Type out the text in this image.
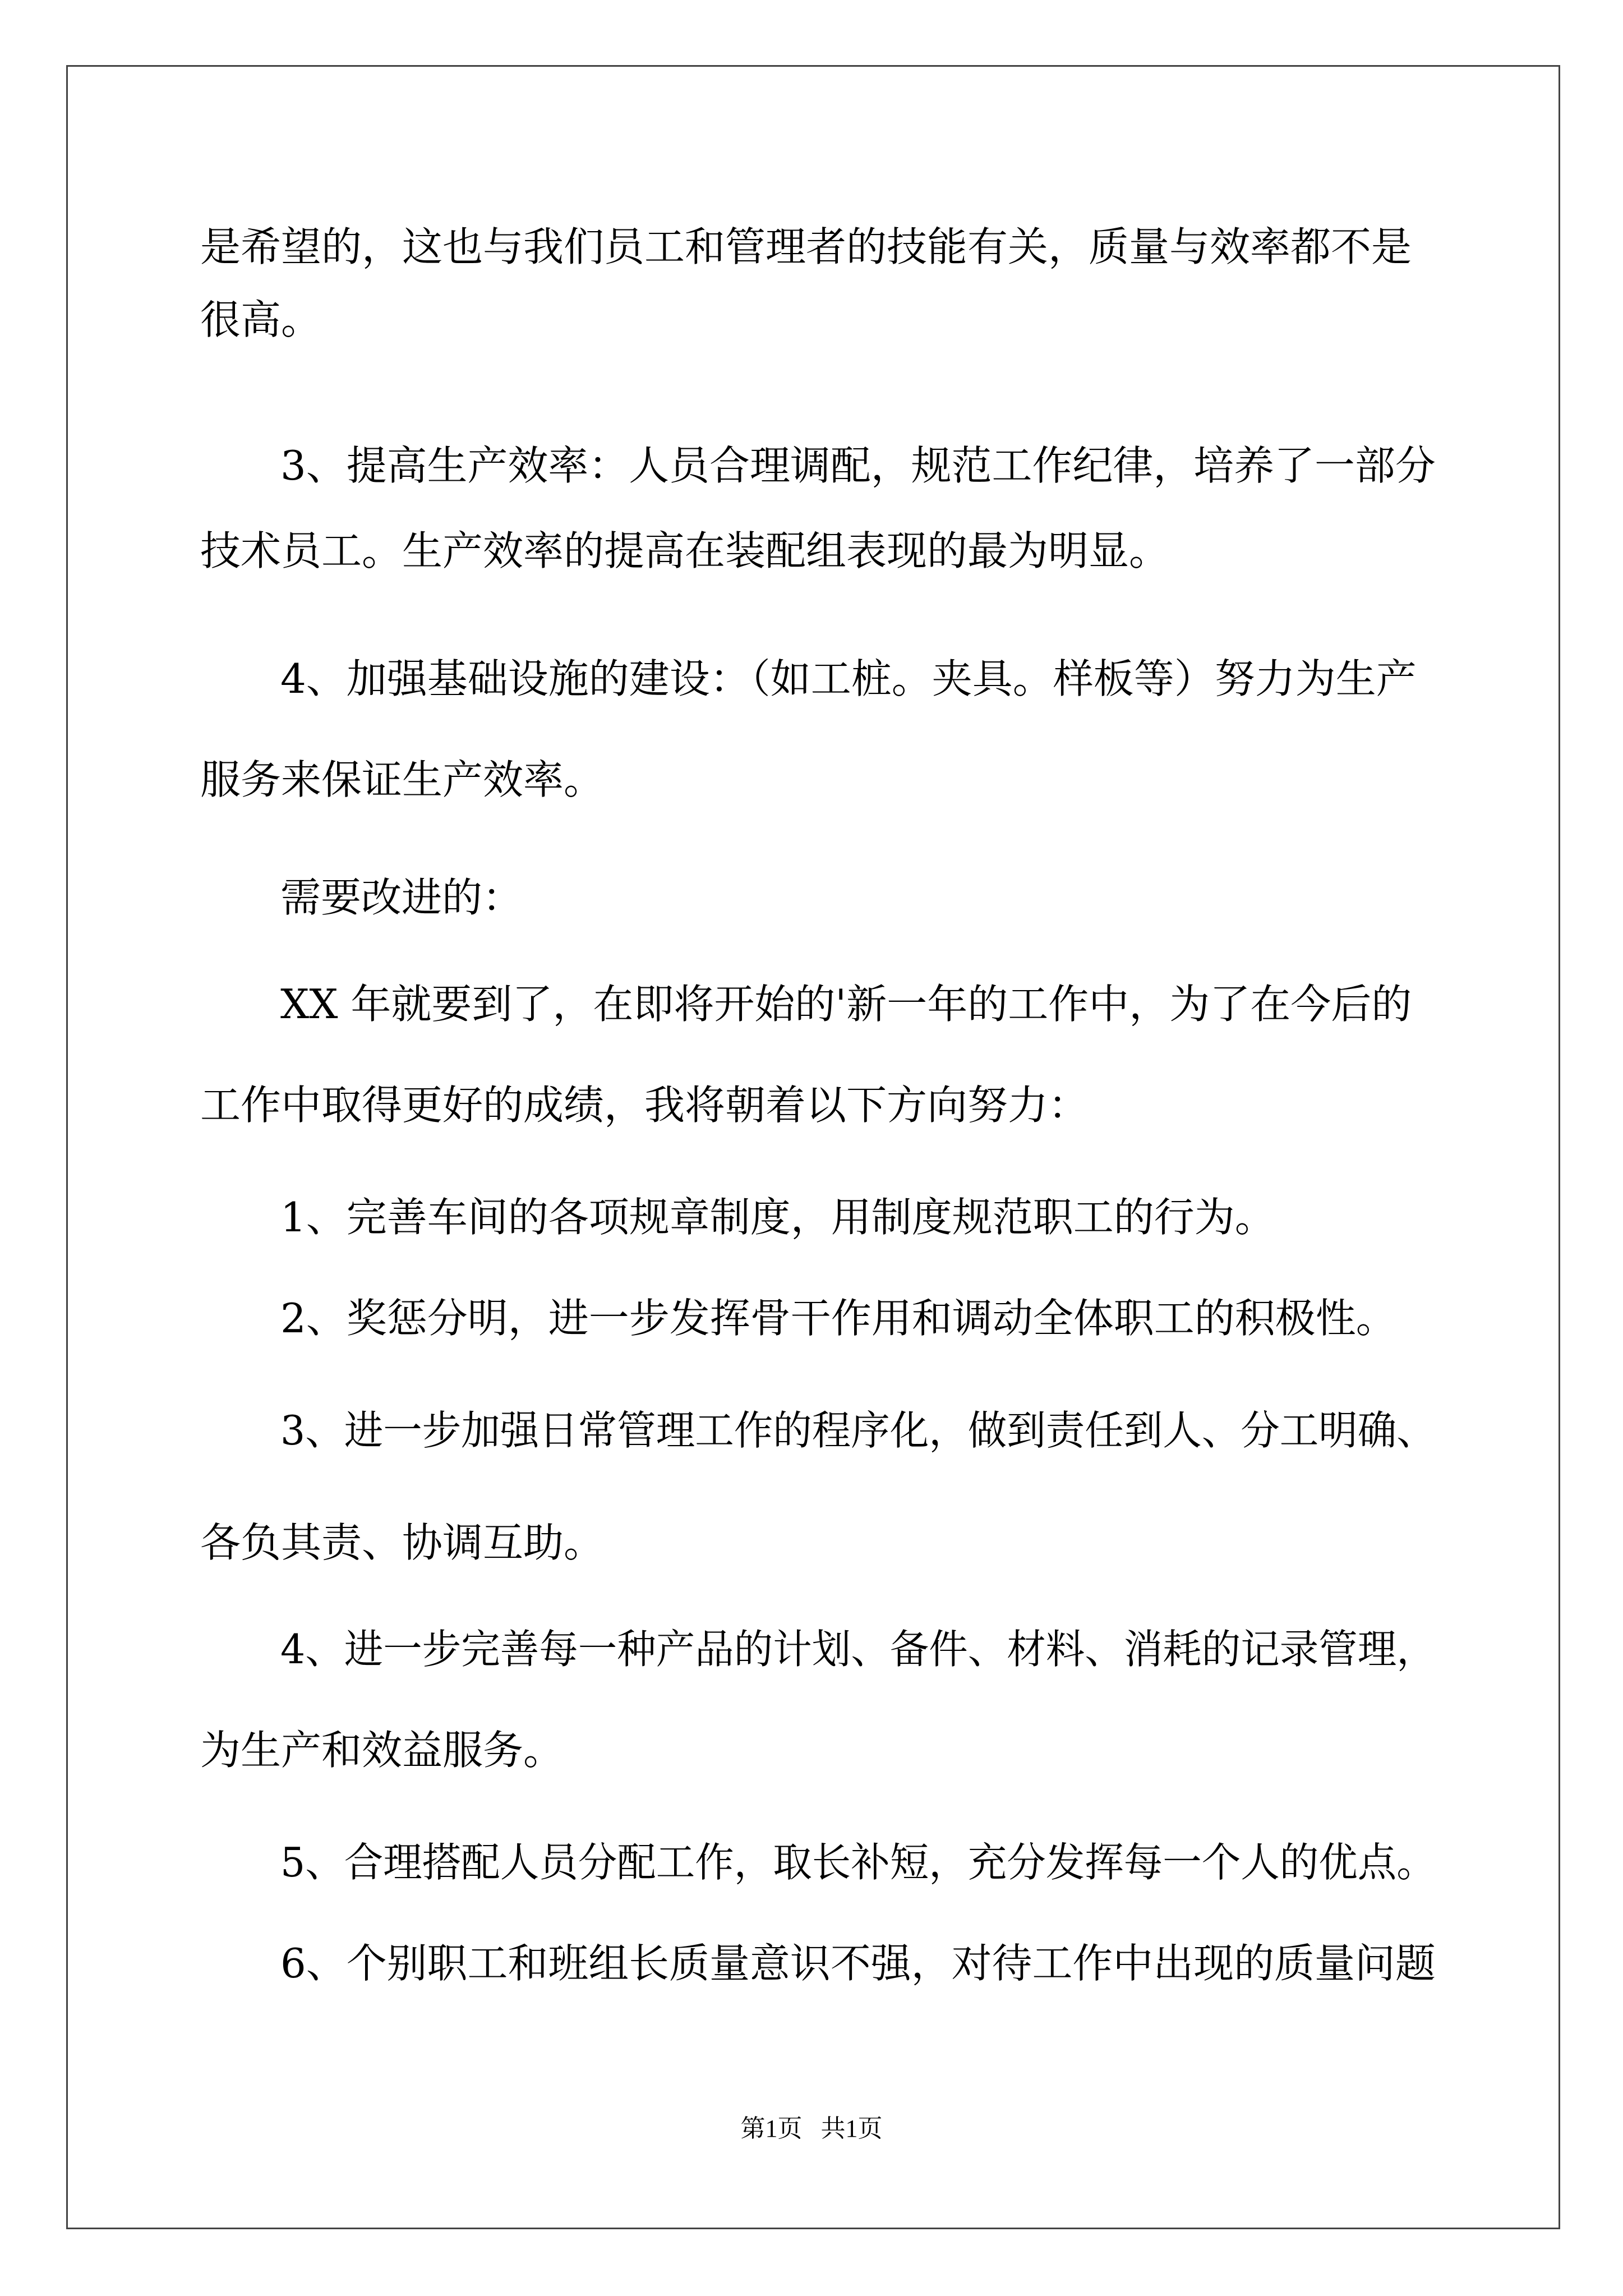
是希望的，这也与我们员工和管理者的技能有关，质量与效率都不是
很高。
3、提高生产效率：人员合理调配，规范工作纪律，培养了一部分
技术员工。生产效率的提高在装配组表现的最为明显。
4、加强基础设施的建设：（如工桩。夹具。样板等）努力为生产
服务来保证生产效率。
需要改进的：
XX 年就要到了，在即将开始的'新一年的工作中，为了在今后的
工作中取得更好的成绩，我将朝着以下方向努力：
1、完善车间的各项规章制度，用制度规范职工的行为。
2、奖惩分明，进一步发挥骨干作用和调动全体职工的积极性。
3、进一步加强日常管理工作的程序化，做到责任到人、分工明确、
各负其责、协调互助。
4、进一步完善每一种产品的计划、备件、材料、消耗的记录管理，
为生产和效益服务。
5、合理搭配人员分配工作，取长补短，充分发挥每一个人的优点。
6、个别职工和班组长质量意识不强，对待工作中出现的质量问题
第1页   共1页
